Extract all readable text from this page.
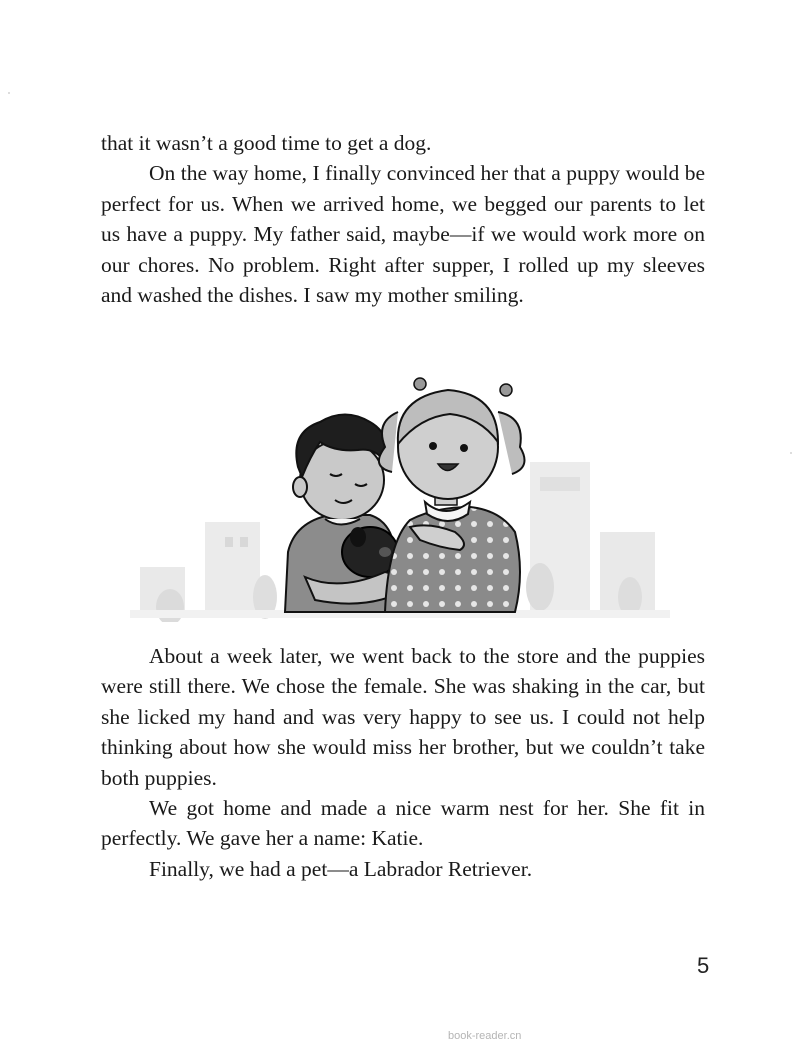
that it wasn’t a good time to get a dog.

On the way home, I finally convinced her that a puppy would be perfect for us. When we arrived home, we begged our parents to let us have a puppy. My father said, maybe—if we would work more on our chores. No problem. Right after supper, I rolled up my sleeves and washed the dishes. I saw my mother smiling.

About a week later, we went back to the store and the puppies were still there. We chose the female. She was shaking in the car, but she licked my hand and was very happy to see us. I could not help thinking about how she would miss her brother, but we couldn’t take both puppies.

We got home and made a nice warm nest for her. She fit in perfectly. We gave her a name: Katie.

Finally, we had a pet—a Labrador Retriever.

5
book-reader.cn
